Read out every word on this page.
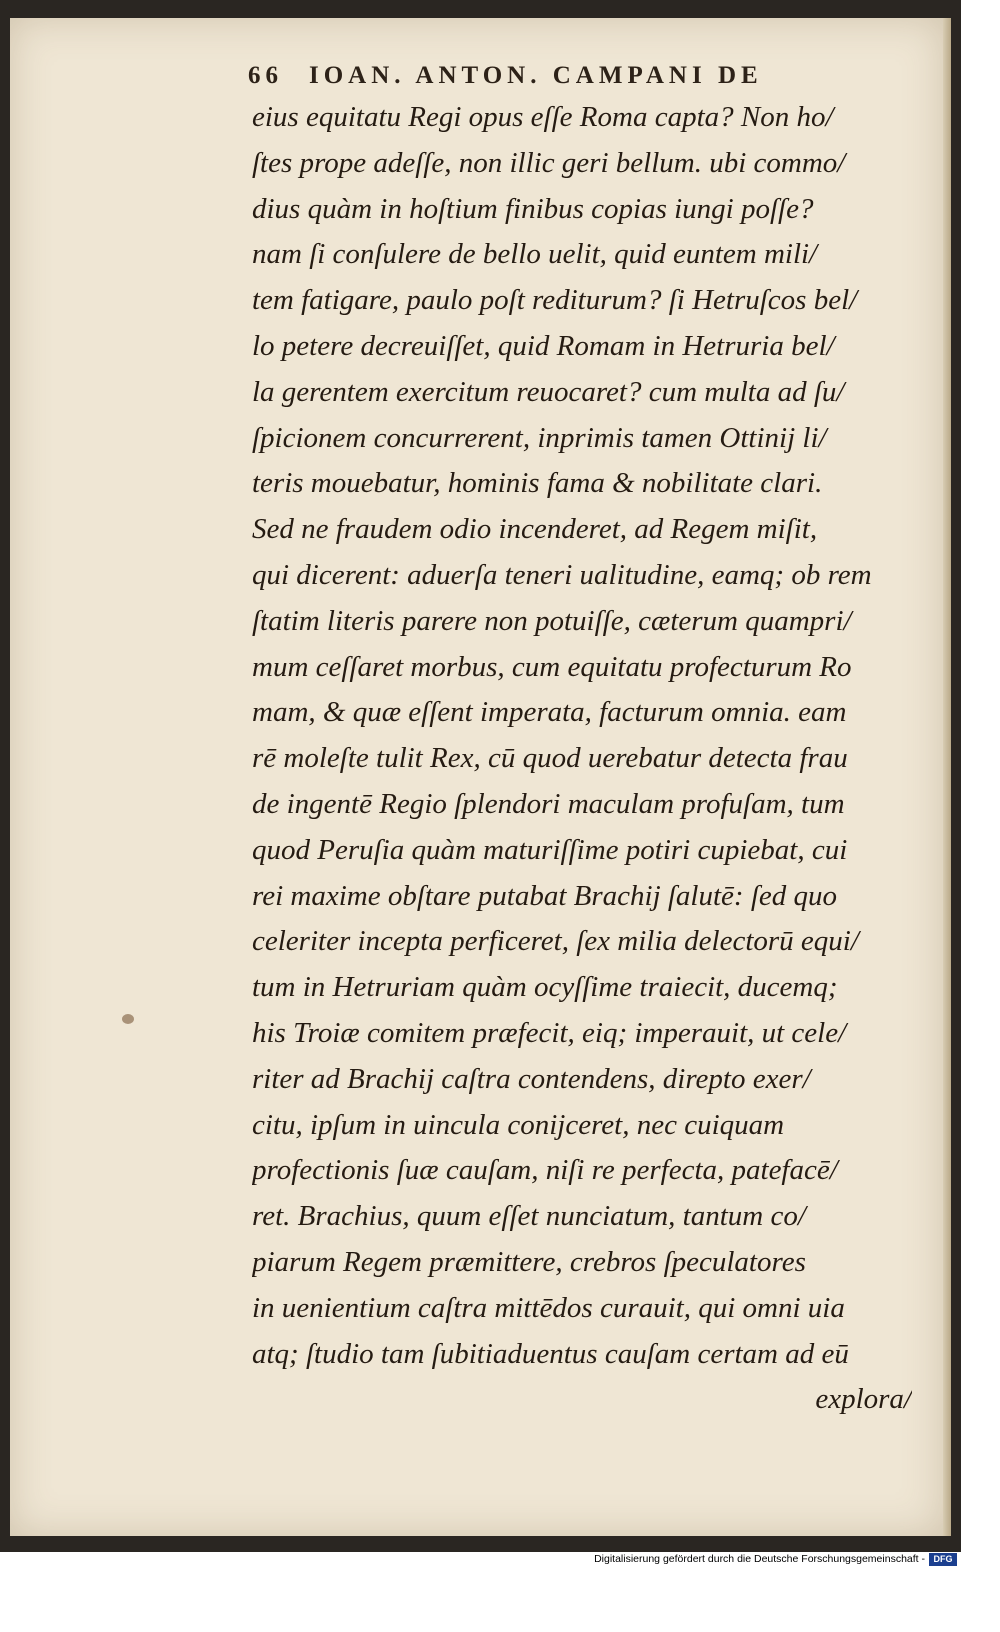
66 IOAN. ANTON. CAMPANI DE
eius equitatu Regi opus eſſe Roma capta? Non ho/
ſtes prope adeſſe, non illic geri bellum. ubi commo/
dius quàm in hoſtium finibus copias iungi poſſe?
nam ſi conſulere de bello uelit, quid euntem mili/
tem fatigare, paulo poſt rediturum? ſi Hetruſcos bel/
lo petere decreuiſſet, quid Romam in Hetruria bel/
la gerentem exercitum reuocaret? cum multa ad ſu/
ſpicionem concurrerent, inprimis tamen Ottinij li/
teris mouebatur, hominis fama & nobilitate clari.
Sed ne fraudem odio incenderet, ad Regem miſit,
qui dicerent: aduerſa teneri ualitudine, eamq; ob rem
ſtatim literis parere non potuiſſe, cæterum quampri/
mum ceſſaret morbus, cum equitatu profecturum Ro
mam, & quæ eſſent imperata, facturum omnia. eam
rē moleſte tulit Rex, cū quod uerebatur detecta frau
de ingentē Regio ſplendori maculam profuſam, tum
quod Peruſia quàm maturiſſime potiri cupiebat, cui
rei maxime obſtare putabat Brachij ſalutē: ſed quo
celeriter incepta perficeret, ſex milia delectorū equi/
tum in Hetruriam quàm ocyſſime traiecit, ducemq;
his Troiæ comitem præfecit, eiq; imperauit, ut cele/
riter ad Brachij caſtra contendens, direpto exer/
citu, ipſum in uincula conijceret, nec cuiquam
profectionis ſuæ cauſam, niſi re perfecta, patefacē/
ret. Brachius, quum eſſet nunciatum, tantum co/
piarum Regem præmittere, crebros ſpeculatores
in uenientium caſtra mittēdos curauit, qui omni uia
atq; ſtudio tam ſubitiaduentus cauſam certam ad eū
explora/
Digitalisierung gefördert durch die Deutsche Forschungsgemeinschaft - DFG
